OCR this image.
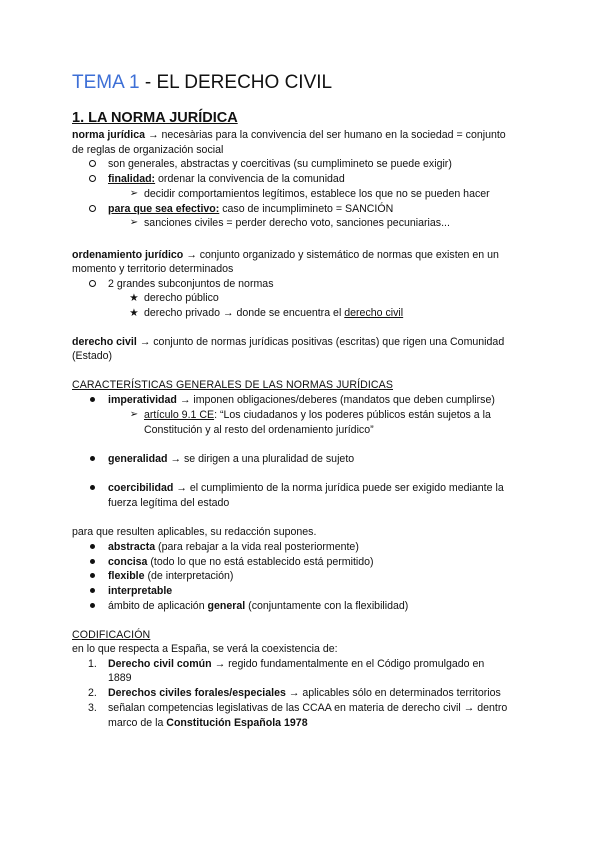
TEMA 1 - EL DERECHO CIVIL
1. LA NORMA JURÍDICA
norma jurídica → necesàrias para la convivencia del ser humano en la sociedad = conjunto
de reglas de organización social
son generales, abstractas y coercitivas (su cumplimineto se puede exigir)
finalidad: ordenar la convivencia de la comunidad
➢ decidir comportamientos legítimos, establece los que no se pueden hacer
para que sea efectivo: caso de incumplimineto = SANCIÓN
➢ sanciones civiles = perder derecho voto, sanciones pecuniarias...
ordenamiento jurídico → conjunto organizado y sistemático de normas que existen en un
momento y territorio determinados
2 grandes subconjuntos de normas
★ derecho público
★ derecho privado → donde se encuentra el derecho civil
derecho civil → conjunto de normas jurídicas positivas (escritas) que rigen una Comunidad
(Estado)
CARACTERÍSTICAS GENERALES DE LAS NORMAS JURÍDICAS
imperatividad → imponen obligaciones/deberes (mandatos que deben cumplirse)
➢ artículo 9.1 CE: “Los ciudadanos y los poderes públicos están sujetos a la
Constitución y al resto del ordenamiento jurídico”
generalidad → se dirigen a una pluralidad de sujeto
coercibilidad → el cumplimiento de la norma jurídica puede ser exigido mediante la
fuerza legítima del estado
para que resulten aplicables, su redacción supones.
abstracta (para rebajar a la vida real posteriormente)
concisa (todo lo que no está establecido está permitido)
flexible (de interpretación)
interpretable
ámbito de aplicación general (conjuntamente con la flexibilidad)
CODIFICACIÓN
en lo que respecta a España, se verá la coexistencia de:
1. Derecho civil común → regido fundamentalmente en el Código promulgado en
1889
2. Derechos civiles forales/especiales → aplicables sólo en determinados territorios
3. señalan competencias legislativas de las CCAA en materia de derecho civil → dentro
marco de la Constitución Española 1978
